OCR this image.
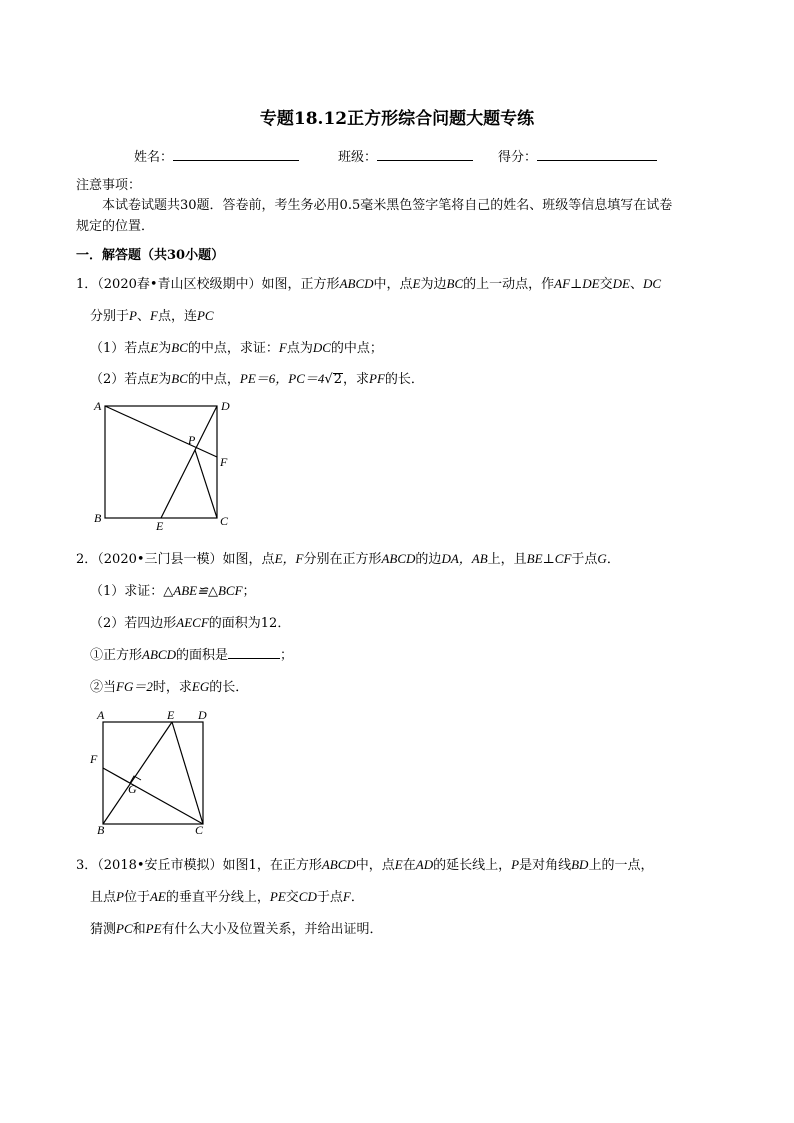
专题18.12正方形综合问题大题专练
姓名：	班级：	得分：
注意事项：
本试卷试题共30题．答卷前，考生务必用0.5毫米黑色签字笔将自己的姓名、班级等信息填写在试卷
规定的位置．
一．解答题（共30小题）
1．（2020春•青山区校级期中）如图，正方形ABCD中，点E为边BC的上一动点，作AF⊥DE交DE、DC
分别于P、F点，连PC
（1）若点E为BC的中点，求证：F点为DC的中点；
（2）若点E为BC的中点，PE＝6，PC＝4√2，求PF的长．
A	D
P
F
B
E	C
2．（2020•三门县一模）如图，点E，F分别在正方形ABCD的边DA，AB上，且BE⊥CF于点G．
（1）求证：△ABE≌△BCF；
（2）若四边形AECF的面积为12．
①正方形ABCD的面积是	；
②当FG＝2时，求EG的长．
A	E D
F
G
B	C
3．（2018•安丘市模拟）如图1，在正方形ABCD中，点E在AD的延长线上，P是对角线BD上的一点，
且点P位于AE的垂直平分线上，PE交CD于点F．
猜测PC和PE有什么大小及位置关系，并给出证明．
